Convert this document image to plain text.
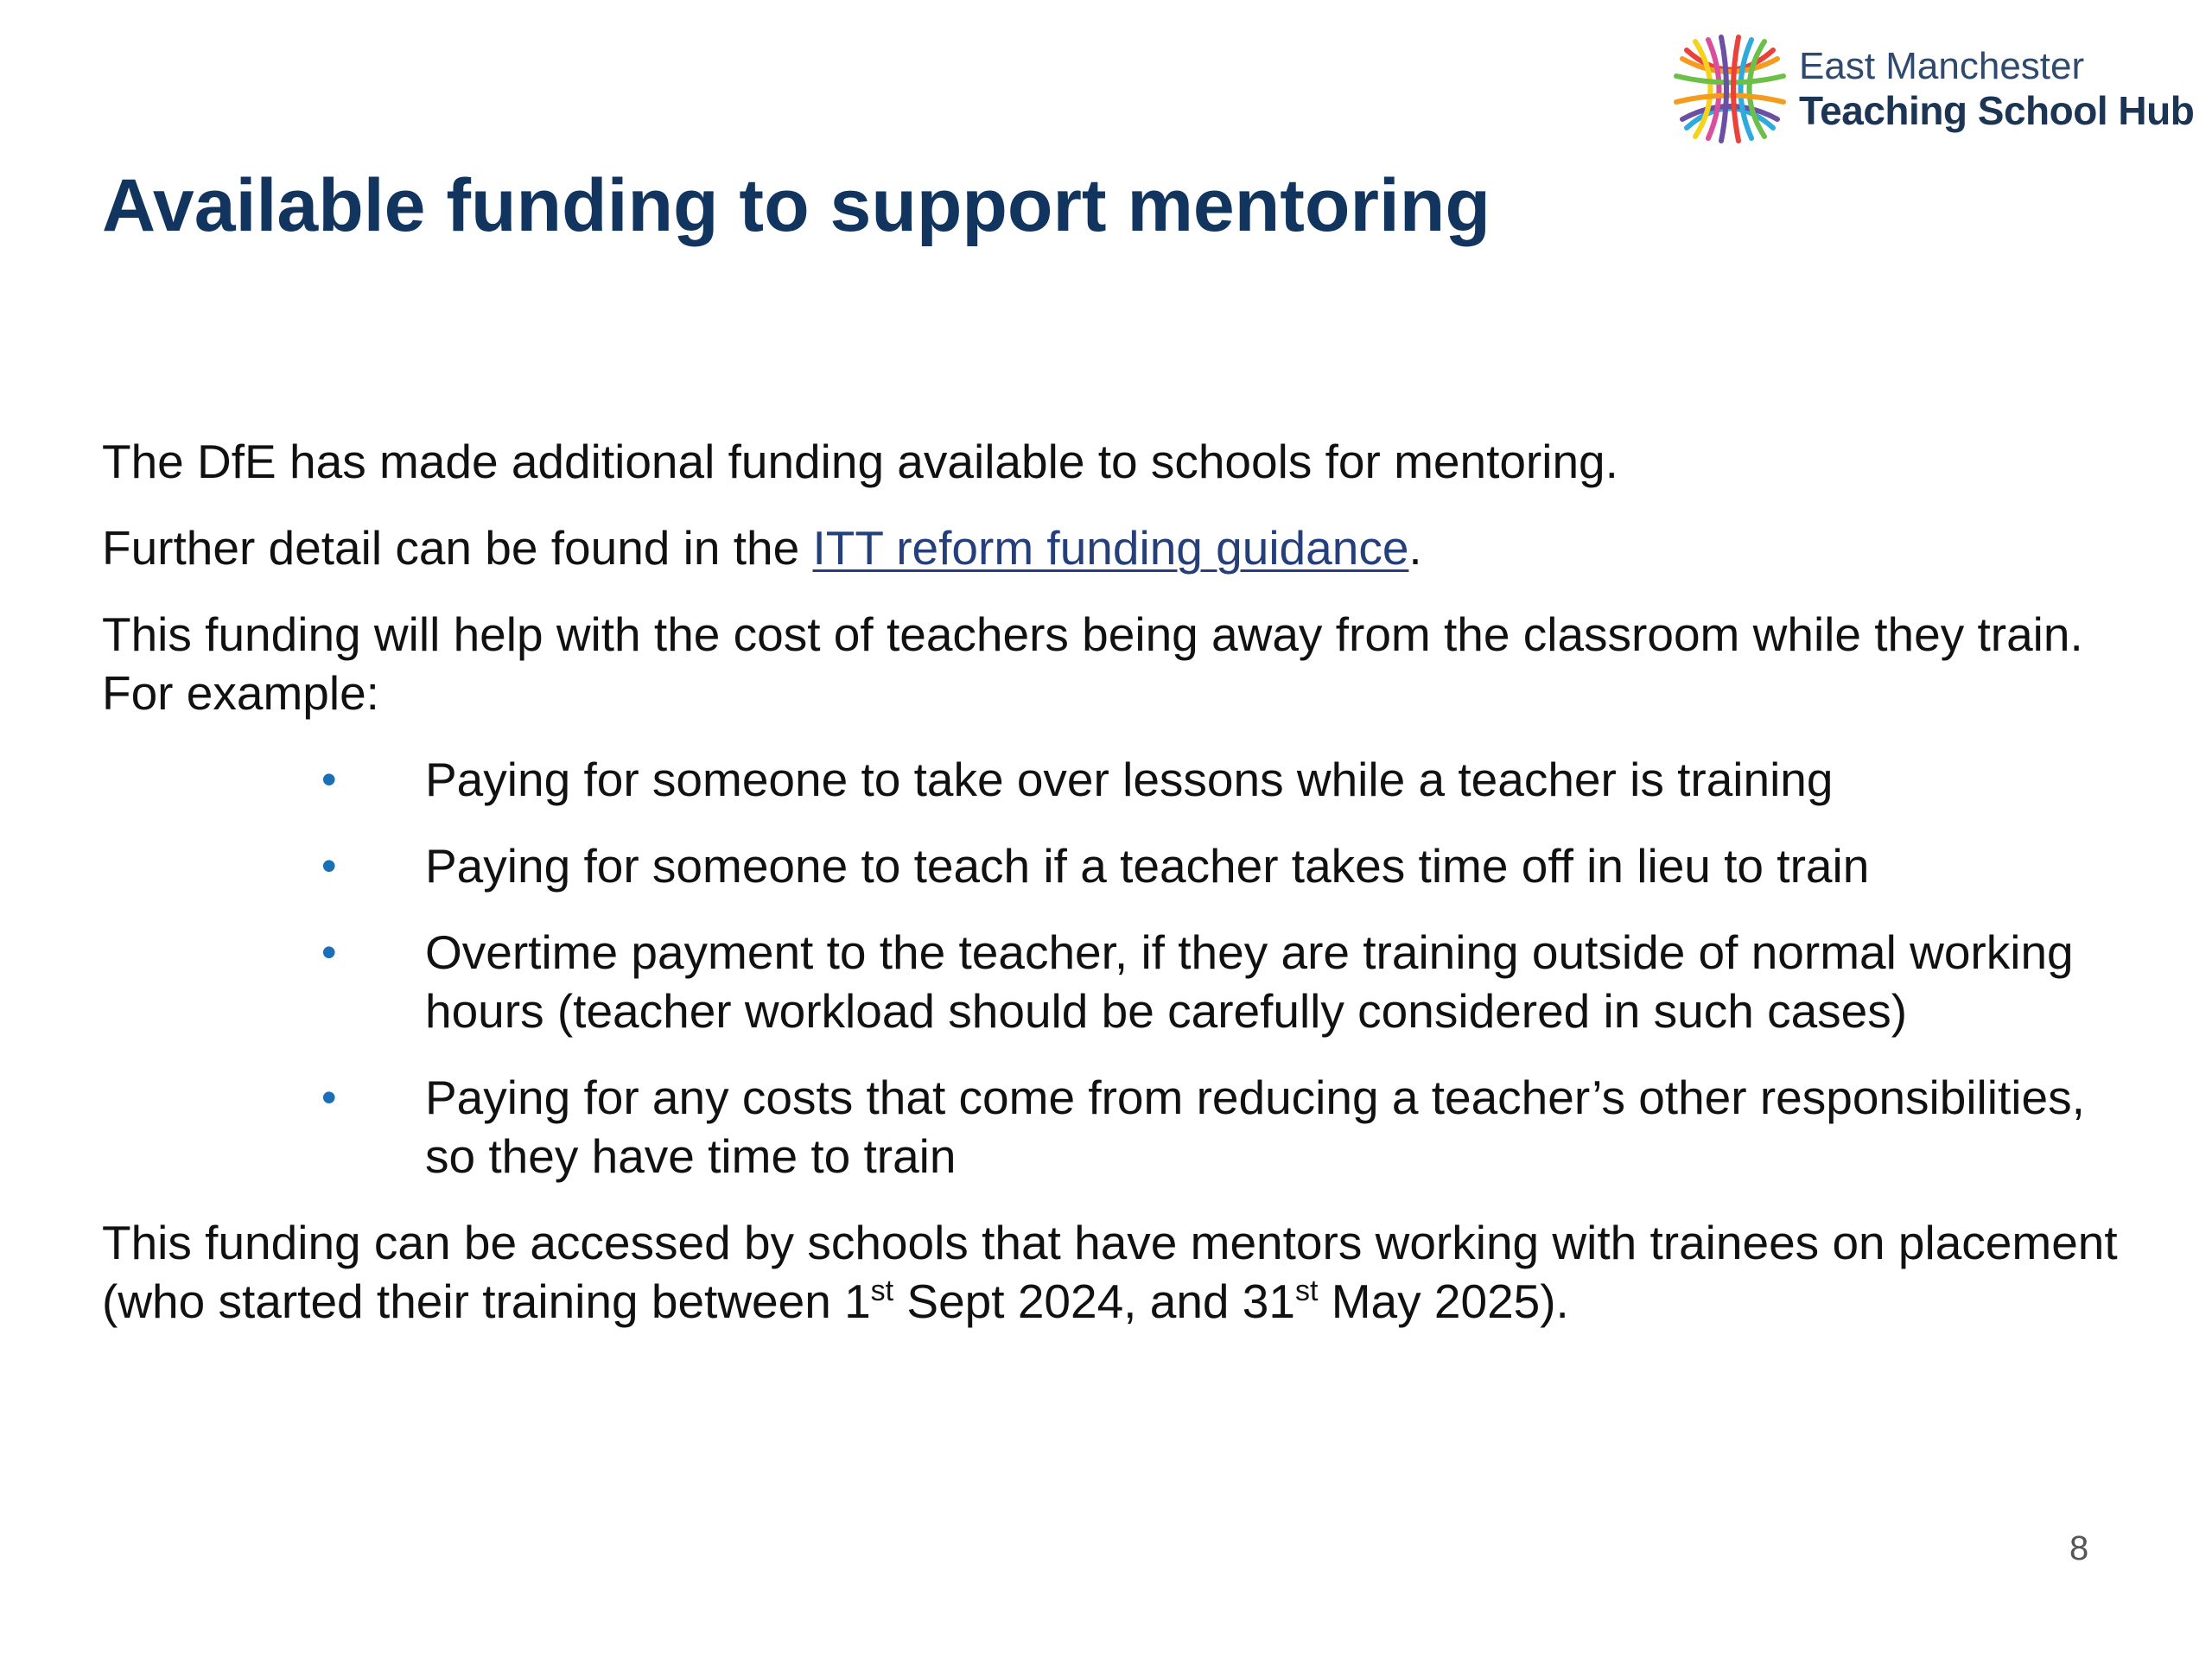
East Manchester
Teaching School Hub
Available funding to support mentoring

The DfE has made additional funding available to schools for mentoring.

Further detail can be found in the ITT reform funding guidance.

This funding will help with the cost of teachers being away from the classroom while they train. For example:

•	Paying for someone to take over lessons while a teacher is training
•	Paying for someone to teach if a teacher takes time off in lieu to train
•	Overtime payment to the teacher, if they are training outside of normal working hours (teacher workload should be carefully considered in such cases)
•	Paying for any costs that come from reducing a teacher’s other responsibilities, so they have time to train

This funding can be accessed by schools that have mentors working with trainees on placement (who started their training between 1st Sept 2024, and 31st May 2025).

8
